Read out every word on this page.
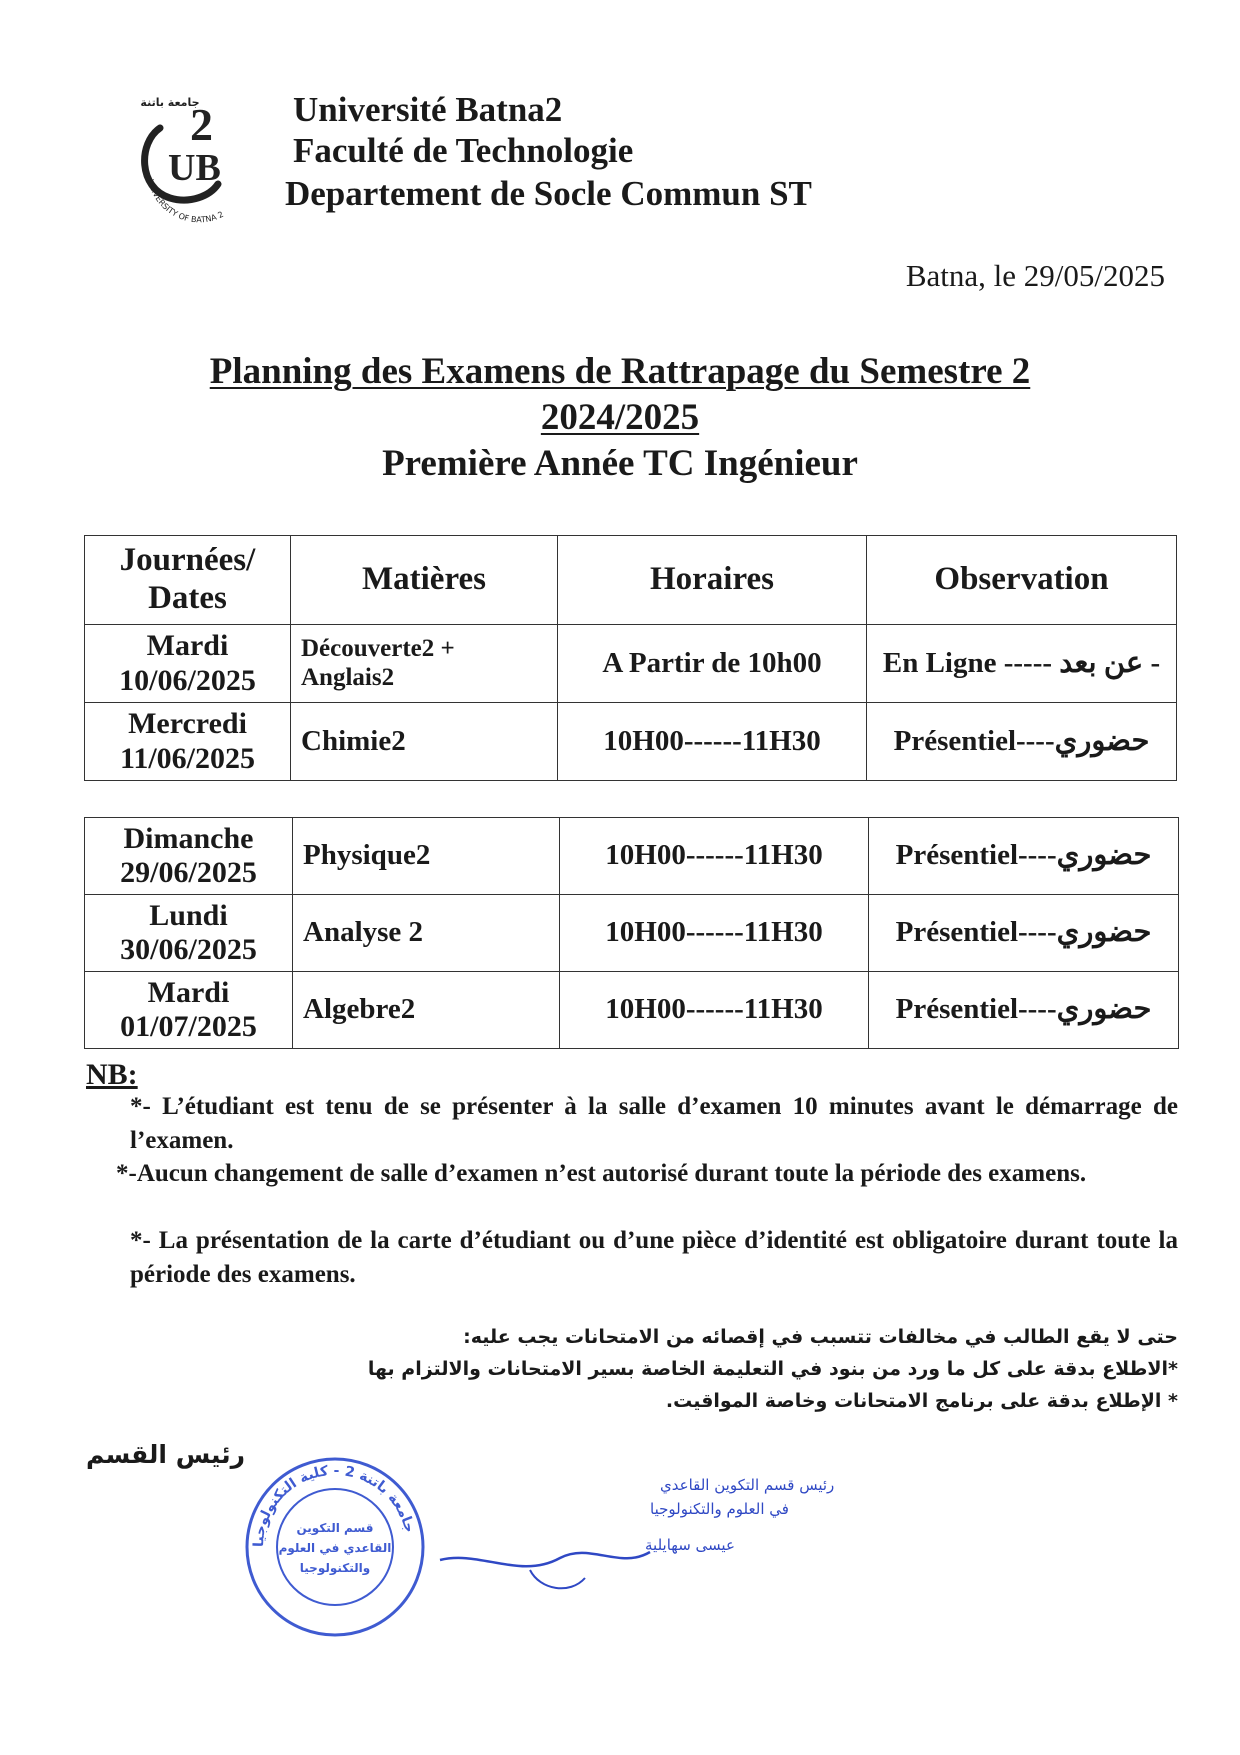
جامعة باتنة
2
UB
UNIVERSITY OF BATNA 2
Université Batna2
Faculté de Technologie
Departement de Socle Commun ST
Batna, le 29/05/2025
Planning des Examens de Rattrapage du Semestre 2
2024/2025
Première Année TC Ingénieur
Journées/
Dates	Matières	Horaires	Observation
Mardi
10/06/2025	Découverte2 +
Anglais2	A Partir de 10h00	En Ligne ----- عن بعد -
Mercredi
11/06/2025	Chimie2	10H00------11H30	Présentiel----حضوري
Dimanche
29/06/2025	Physique2	10H00------11H30	Présentiel----حضوري
Lundi
30/06/2025	Analyse 2	10H00------11H30	Présentiel----حضوري
Mardi
01/07/2025	Algebre2	10H00------11H30	Présentiel----حضوري
NB:
*- L’étudiant est tenu de se présenter à la salle d’examen 10 minutes avant le démarrage de l’examen.
*-Aucun changement de salle d’examen n’est autorisé durant toute la période des examens.
*- La présentation de la carte d’étudiant ou d’une pièce d’identité est obligatoire durant toute la période des examens.
حتى لا يقع الطالب في مخالفات تتسبب في إقصائه من الامتحانات يجب عليه:
*الاطلاع بدقة على كل ما ورد من بنود في التعليمة الخاصة بسير الامتحانات والالتزام بها
* الإطلاع بدقة على برنامج الامتحانات وخاصة المواقيت.
رئيس القسم
جامعة باتنة 2 - كلية التكنولوجيا
قسم التكوين
القاعدي في العلوم
والتكنولوجيا
رئيس قسم التكوين القاعدي
في العلوم والتكنولوجيا
عيسى سهايلية
